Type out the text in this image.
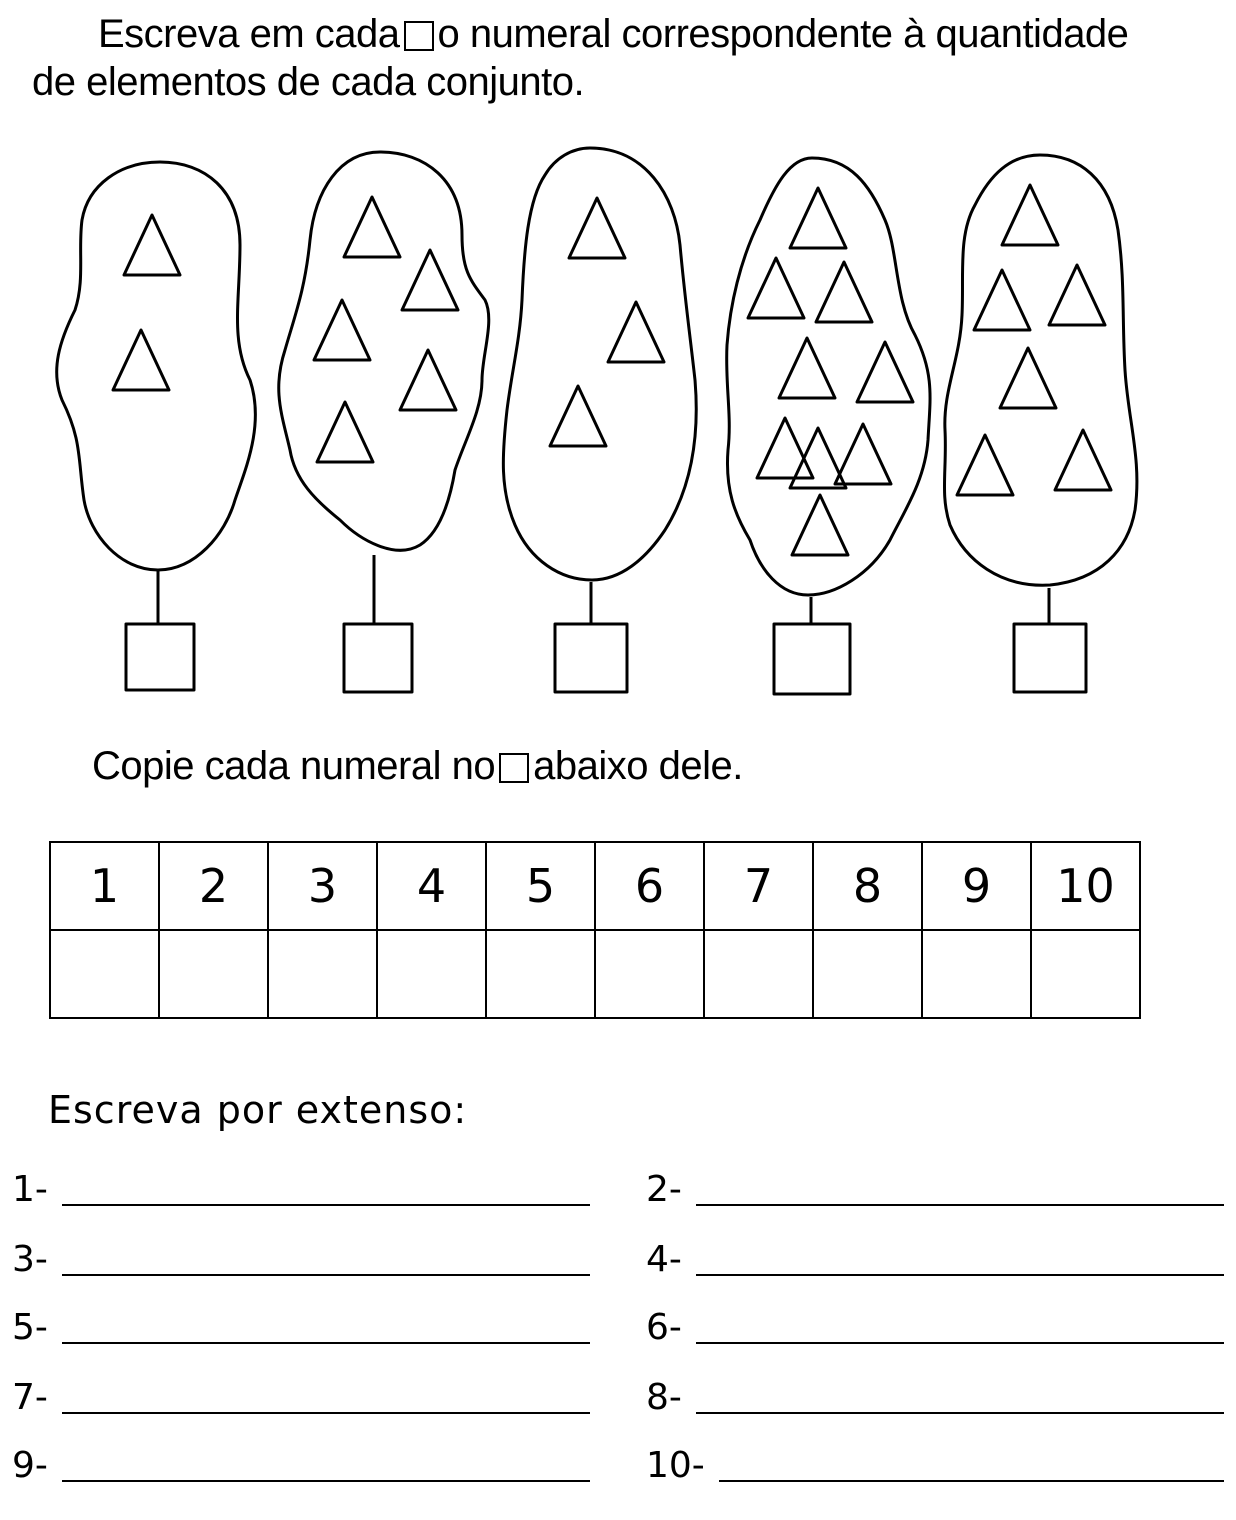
Escreva em cada o numeral correspondente à quantidade
de elementos de cada conjunto.
Copie cada numeral no abaixo dele.
1	2	3	4	5	6	7	8	9	10

Escreva por extenso:
1-	2-
3-	4-
5-	6-
7-	8-
9-	10-
